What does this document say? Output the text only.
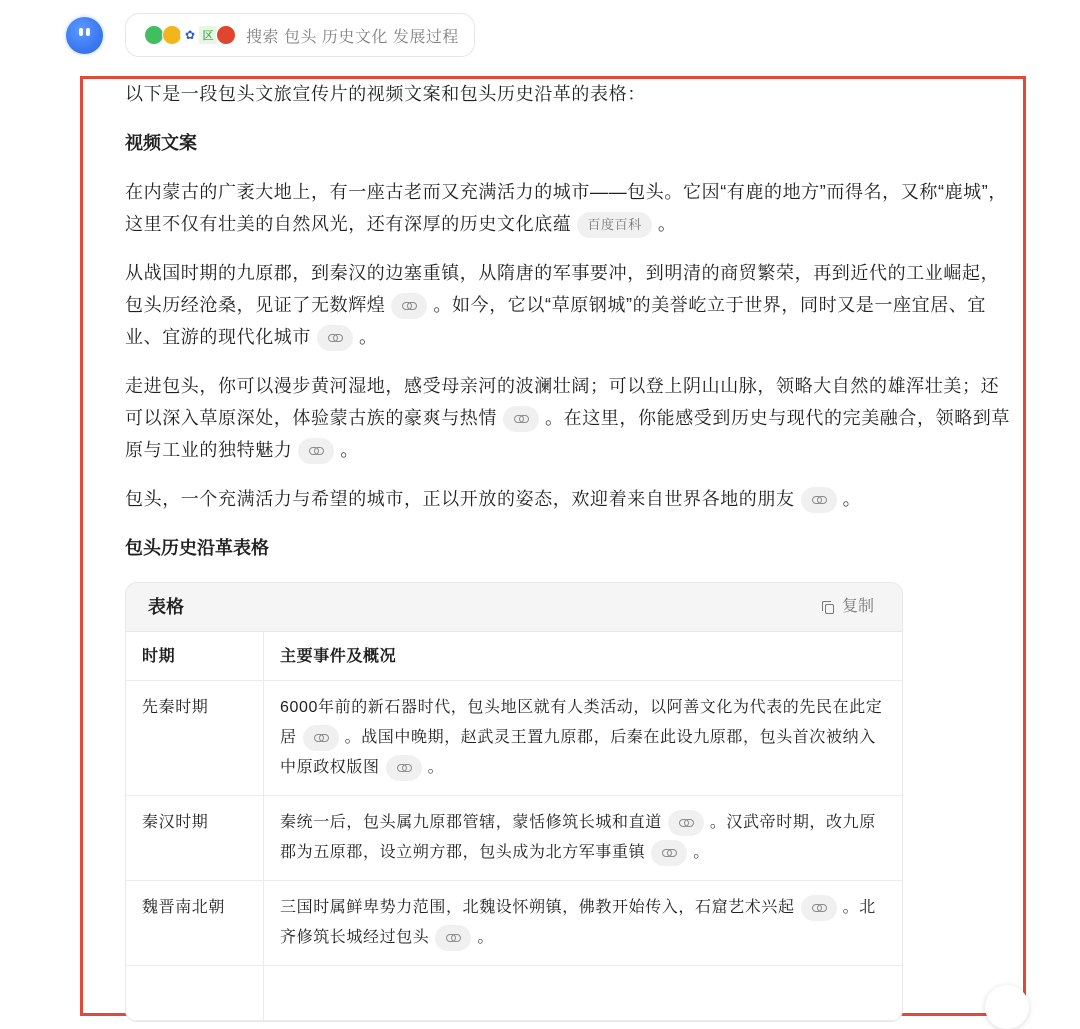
✿ 区 搜索 包头 历史文化 发展过程

以下是一段包头文旅宣传片的视频文案和包头历史沿革的表格：

视频文案

在内蒙古的广袤大地上，有一座古老而又充满活力的城市——包头。它因“有鹿的地方”而得名，又称“鹿城”，这里不仅有壮美的自然风光，还有深厚的历史文化底蕴 百度百科 。

从战国时期的九原郡，到秦汉的边塞重镇，从隋唐的军事要冲，到明清的商贸繁荣，再到近代的工业崛起，包头历经沧桑，见证了无数辉煌	。如今，它以“草原钢城”的美誉屹立于世界，同时又是一座宜居、宜业、宜游的现代化城市	。

走进包头，你可以漫步黄河湿地，感受母亲河的波澜壮阔；可以登上阴山山脉，领略大自然的雄浑壮美；还可以深入草原深处，体验蒙古族的豪爽与热情	。在这里，你能感受到历史与现代的完美融合，领略到草原与工业的独特魅力	。

包头，一个充满活力与希望的城市，正以开放的姿态，欢迎着来自世界各地的朋友	。

包头历史沿革表格
表格	复制
时期	主要事件及概况
先秦时期	6000年前的新石器时代，包头地区就有人类活动，以阿善文化为代表的先民在此定居 。战国中晚期，赵武灵王置九原郡，后秦在此设九原郡，包头首次被纳入中原政权版图 。
秦汉时期	秦统一后，包头属九原郡管辖，蒙恬修筑长城和直道 。汉武帝时期，改九原郡为五原郡，设立朔方郡，包头成为北方军事重镇 。
魏晋南北朝	三国时属鲜卑势力范围，北魏设怀朔镇，佛教开始传入，石窟艺术兴起 。北齐修筑长城经过包头 。
